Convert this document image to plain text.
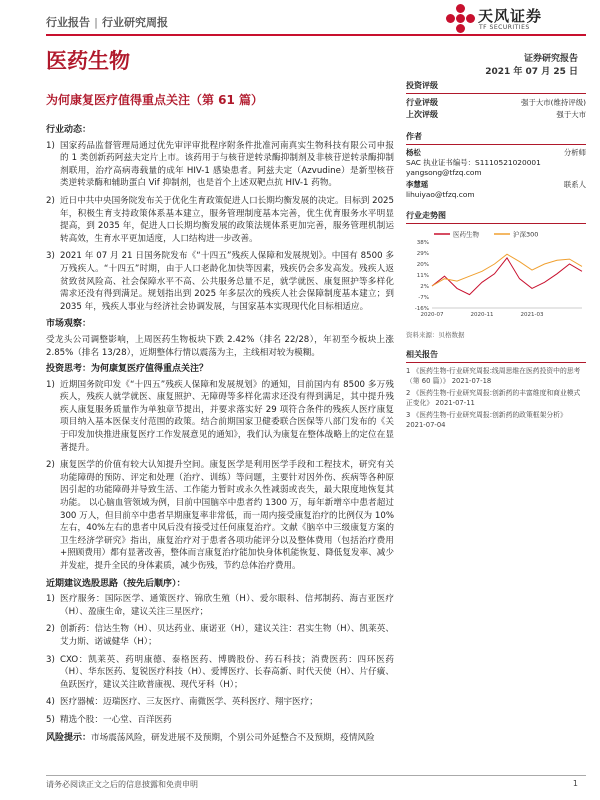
行业报告 | 行业研究周报	天风证券
TF SECURITIES
医药生物	证券研究报告
2021 年 07 月 25 日
为何康复医疗值得重点关注（第 61 篇）
行业动态：
1) 国家药品监督管理局通过优先审评审批程序附条件批准河南真实生物科技有限公司申报的 1 类创新药阿兹夫定片上市。该药用于与核苷逆转录酶抑制剂及非核苷逆转录酶抑制剂联用，治疗高病毒载量的成年 HIV-1 感染患者。阿兹夫定（Azvudine）是新型核苷类逆转录酶和辅助蛋白 Vif 抑制剂，也是首个上述双靶点抗 HIV-1 药物。
2) 近日中共中央国务院发布关于优化生育政策促进人口长期均衡发展的决定。目标到 2025 年，积极生育支持政策体系基本建立，服务管理制度基本完善，优生优育服务水平明显提高，到 2035 年，促进人口长期均衡发展的政策法规体系更加完善，服务管理机制运转高效，生育水平更加适度，人口结构进一步改善。
3) 2021 年 07 月 21 日国务院发布《“十四五”残疾人保障和发展规划》。中国有 8500 多万残疾人。“十四五”时期，由于人口老龄化加快等因素，残疾仍会多发高发。残疾人返贫致贫风险高、社会保障水平不高、公共服务总量不足，就学就医、康复照护等多样化需求还没有得到满足。规划指出到 2025 年多层次的残疾人社会保障制度基本建立；到 2035 年，残疾人事业与经济社会协调发展，与国家基本实现现代化目标相适应。
市场观察：
受龙头公司调整影响，上周医药生物板块下跌 2.42%（排名 22/28），年初至今板块上涨 2.85%（排名 13/28），近期整体行情以震荡为主，主线相对较为模糊。
投资思考：为何康复医疗值得重点关注？
1) 近期国务院印发《“十四五”残疾人保障和发展规划》的通知，目前国内有 8500 多万残疾人，残疾人就学就医、康复照护、无障碍等多样化需求还没有得到满足，其中提升残疾人康复服务质量作为单独章节提出，并要求落实好 29 项符合条件的残疾人医疗康复项目纳入基本医保支付范围的政策。结合前期国家卫健委联合医保等八部门发布的《关于印发加快推进康复医疗工作发展意见的通知》，我们认为康复在整体战略上的定位在显著提升。
2) 康复医学的价值有较大认知提升空间。康复医学是利用医学手段和工程技术，研究有关功能障碍的预防、评定和处理（治疗、训练）等问题，主要针对因外伤、疾病等各种原因引起的功能障碍并导致生活、工作能力暂时或永久性减弱或丧失，最大限度地恢复其功能。 以心脑血管领域为例，目前中国脑卒中患者约 1300 万，每年新增卒中患者超过 300 万人，但目前卒中患者早期康复率非常低，而一周内接受康复治疗的比例仅为 10%左右，40%左右的患者中风后没有接受过任何康复治疗。文献《脑卒中三级康复方案的卫生经济学研究》指出，康复治疗对于患者各项功能评分以及整体费用（包括治疗费用+照顾费用）都有显著改善，整体而言康复治疗能加快身体机能恢复、降低复发率、减少并发症，提升全民的身体素质，减少伤残，节约总体治疗费用。
近期建议选股思路（按先后顺序）：
1) 医疗服务：国际医学、通策医疗、锦欣生殖（H）、爱尔眼科、信邦制药、海吉亚医疗（H）、盈康生命，建议关注三星医疗；
2) 创新药：信达生物（H）、贝达药业、康诺亚（H），建议关注：君实生物（H）、凯莱英、艾力斯、诺诚健华（H）；
3) CXO：凯莱英、药明康德、泰格医药、博腾股份、药石科技；消费医药：四环医药（H）、华东医药、复锐医疗科技（H）、爱博医疗、长春高新、时代天使（H）、片仔癀、鱼跃医疗，建议关注欧普康视、现代牙科（H）；
4) 医疗器械：迈瑞医疗、三友医疗、南微医学、英科医疗、翔宇医疗；
5) 精选个股：一心堂、百洋医药
风险提示：市场震荡风险，研发进展不及预期，个别公司外延整合不及预期，疫情风险
投资评级
行业评级	强于大市(维持评级)
上次评级	强于大市
作者
杨松	分析师
SAC 执业证书编号：S1110521020001
yangsong@tfzq.com
李慧瑶	联系人
lihuiyao@tfzq.com
行业走势图
医药生物	沪深300
38%
29%
20%
11%
2%
-7%
-16%
2020-07	2020-11	2021-03
资料来源：贝格数据
相关报告
1 《医药生物-行业研究周报:线周思维在医药投资中的思考（第 60 篇）》 2021-07-18
2 《医药生物-行业研究周报:创新药的丰富维度和商业模式正变化》 2021-07-11
3 《医药生物-行业研究周报:创新药的政策框架分析》 2021-07-04
请务必阅读正文之后的信息披露和免责申明	1
